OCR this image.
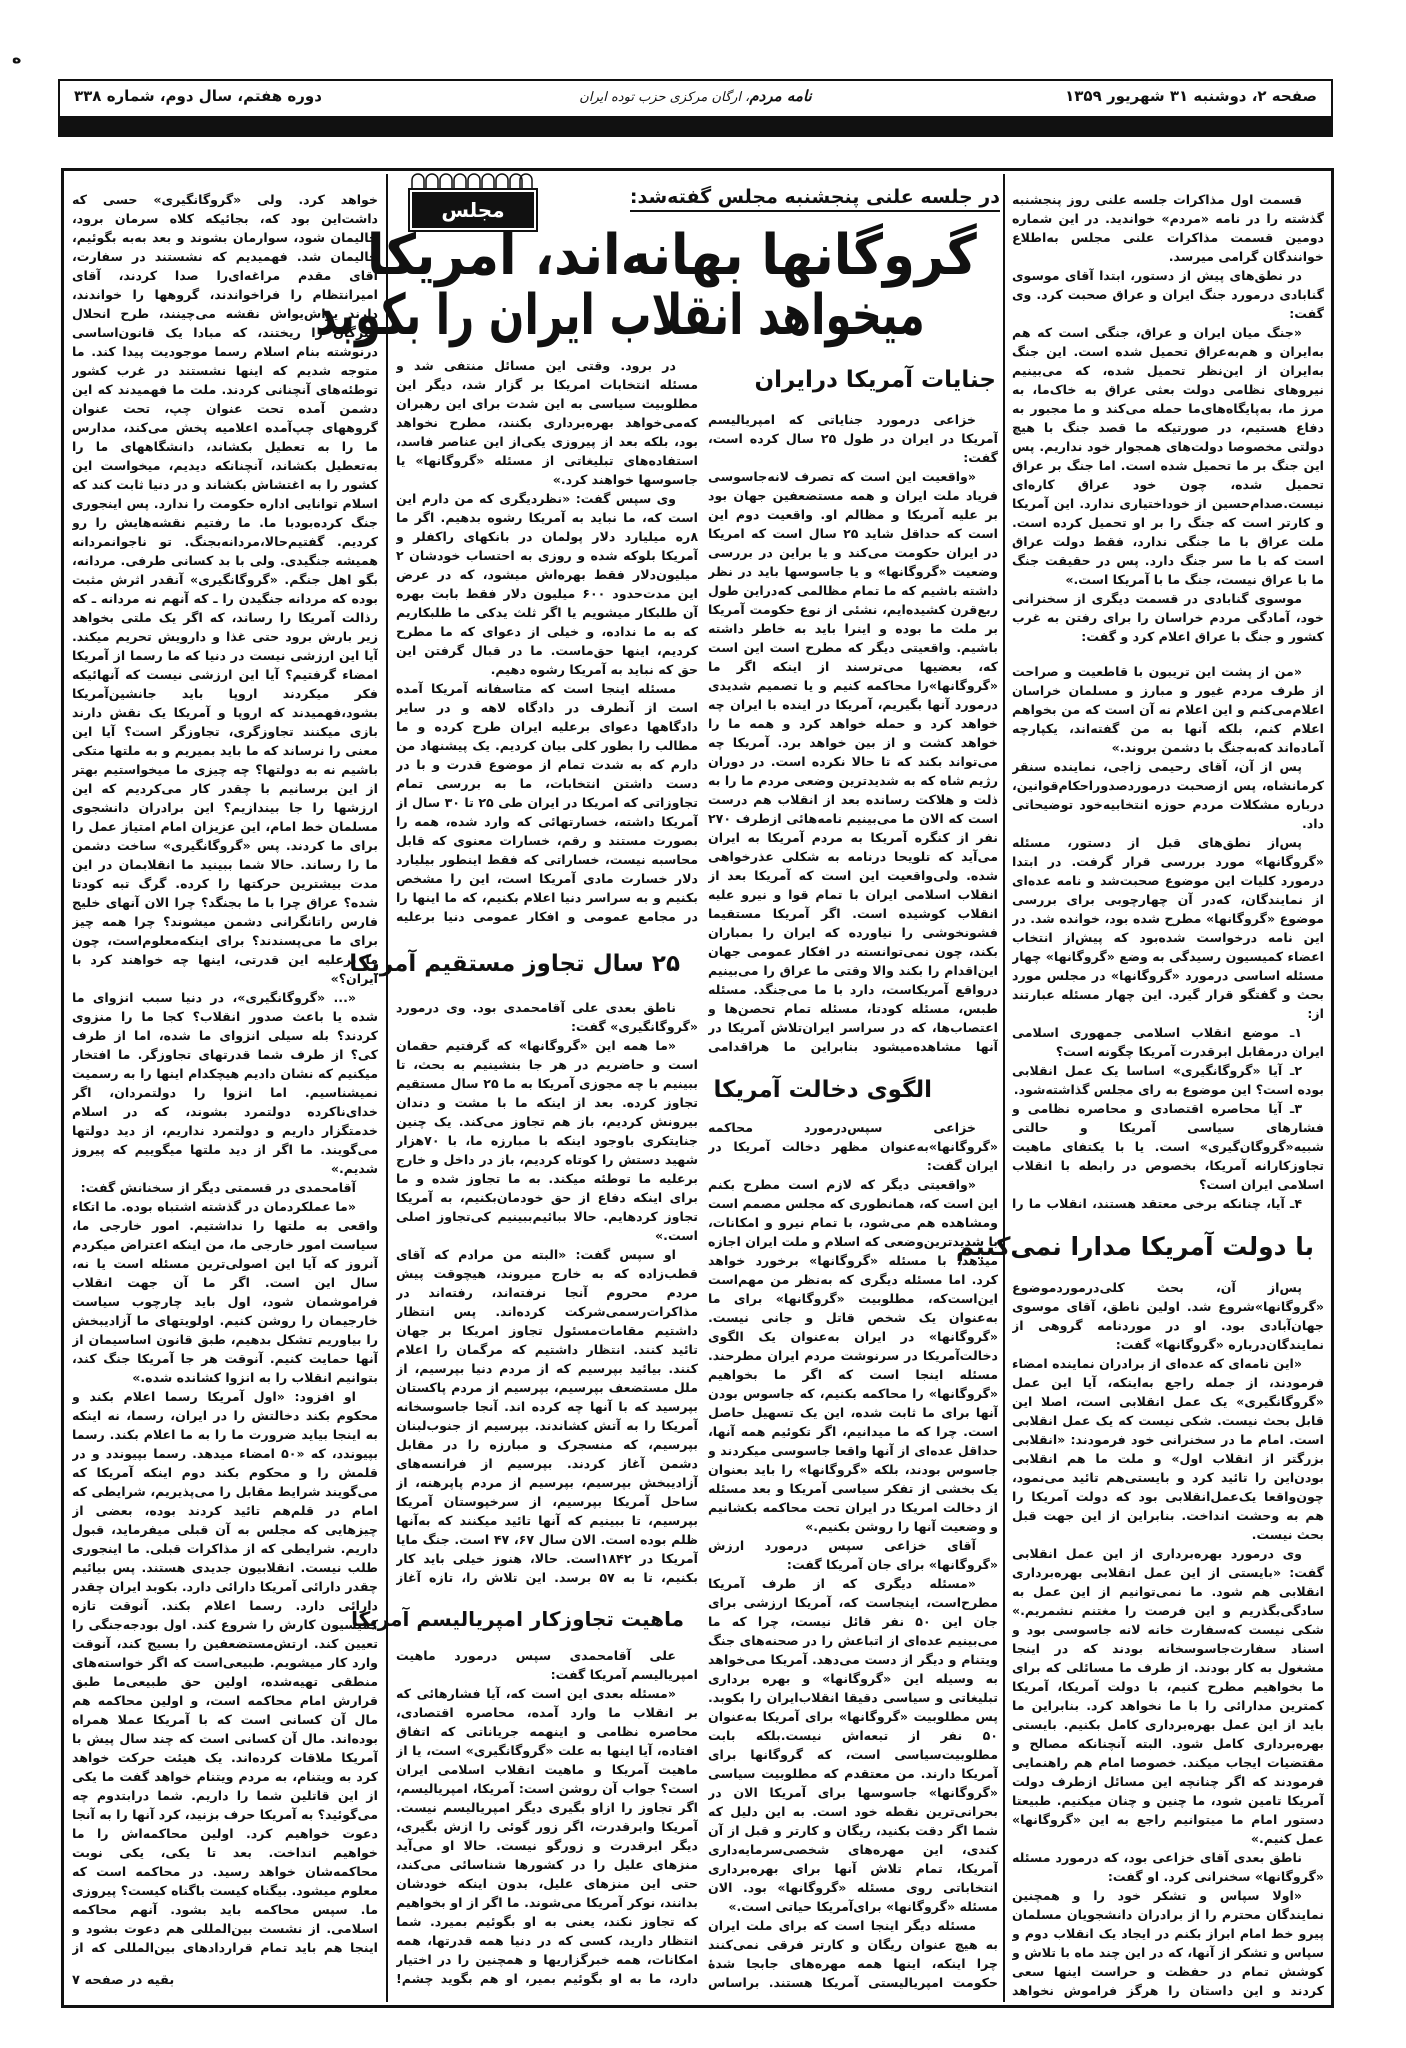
ه
صفحه ۲، دوشنبه ۳۱ شهریور ۱۳۵۹
نامه مردم، ارگان مرکزی حزب توده ایران
دوره هفتم، سال دوم، شماره ۳۳۸
در جلسه علنی پنجشنبه مجلس گفته‌شد:
مجلس
گروگانها بهانه‌اند، امریکا
میخواهد انقلاب ایران را بکوبد

قسمت اول مذاکرات جلسه علنی روز پنجشنبه گذشته را در نامه «مردم» خواندید. در این شماره دومین قسمت مذاکرات علنی مجلس به‌اطلاع خوانندگان گرامی میرسد.

در نطق‌های پیش از دستور، ابتدا آقای موسوی گنابادی درمورد جنگ ایران و عراق صحبت کرد. وی گفت:

«جنگ میان ایران و عراق، جنگی است که هم به‌ایران و هم‌به‌عراق تحمیل شده است. این جنگ به‌ایران از این‌نظر تحمیل شده، که می‌بینیم نیروهای نظامی دولت بعثی عراق به خاک‌ما، به مرز ما، به‌پایگاه‌های‌ما حمله می‌کند و ما مجبور به دفاع هستیم، در صورتیکه ما قصد جنگ با هیچ دولتی مخصوصا دولت‌های همجوار خود نداریم. پس این جنگ بر ما تحمیل شده است. اما جنگ بر عراق تحمیل شده، چون خود عراق کاره‌ای نیست.صدام‌حسین از خوداختیاری ندارد. این آمریکا و کارتر است که جنگ را بر او تحمیل کرده است. ملت عراق با ما جنگی ندارد، فقط دولت عراق است که با ما سر جنگ دارد. پس در حقیقت جنگ ما با عراق نیست، جنگ ما با آمریکا است.»

موسوی گنابادی در قسمت دیگری از سخنرانی خود، آمادگی مردم خراسان را برای رفتن به غرب کشور و جنگ با عراق اعلام کرد و گفت:

«من از پشت این تریبون با قاطعیت و صراحت از طرف مردم غیور و مبارز و مسلمان خراسان اعلام‌می‌کنم و این اعلام نه آن است که من بخواهم اعلام کنم، بلکه آنها به من گفته‌اند، یکپارچه آماده‌اند که‌به‌جنگ با دشمن بروند.»

پس از آن، آقای رحیمی زاجی، نماینده سنقر کرمانشاه، پس ازصحبت درموردصدوراحکام‌قوانین، درباره مشکلات مردم حوزه انتخابیه‌خود توضیحاتی داد.

پس‌از نطق‌های قبل از دستور، مسئله «گروگانها» مورد بررسی قرار گرفت. در ابتدا درمورد کلیات این موضوع صحبت‌شد و نامه عده‌ای از نمایندگان، که‌در آن چهارچوبی برای بررسی موضوع «گروگانها» مطرح شده بود، خوانده شد. در این نامه درخواست شده‌بود که پیش‌از انتخاب اعضاء کمیسیون رسیدگی به وضع «گروگانها» چهار مسئله اساسی درمورد «گروگانها» در مجلس مورد بحث و گفتگو قرار گیرد. این چهار مسئله عبارتند از:

۱ـ موضع انقلاب اسلامی جمهوری اسلامی ایران درمقابل ابرقدرت آمریکا چگونه است؟

۲ـ آیا «گروگانگیری» اساسا یک عمل انقلابی بوده است؟ این موضوع به رای مجلس گذاشته‌شود.

۳ـ آیا محاصره اقتصادی و محاصره نظامی و فشارهای سیاسی آمریکا و حالتی شبیه‌«گروگان‌گیری» است. یا با یکتفای ماهیت تجاوزکارانه آمریکا، بخصوص در رابطه با انقلاب اسلامی ایران است؟

۴ـ آیا، چنانکه برخی معتقد هستند، انقلاب ما را

با دولت آمریکا مدارا نمی‌کنیم

پس‌از آن، بحث کلی‌درموردموضوع «گروگانها»شروع شد. اولین ناطق، آقای موسوی جهان‌آبادی بود. او در موردنامه گروهی از نمایندگان‌درباره «گروگانها» گفت:

«این نامه‌ای که عده‌ای از برادران نماینده امضاء فرمودند، از جمله راجع به‌اینکه، آیا این عمل «گروگانگیری» یک عمل انقلابی است، اصلا این قابل بحث نیست. شکی نیست که یک عمل انقلابی است. امام ما در سخنرانی خود فرمودند: «انقلابی بزرگتر از انقلاب اول» و ملت ما هم انقلابی بودن‌این را تائید کرد و بایستی‌هم تائید می‌نمود، چون‌واقعا یک‌عمل‌انقلابی بود که دولت آمریکا را هم به وحشت انداخت. بنابراین از این جهت قبل بحث نیست.

وی درمورد بهره‌برداری از این عمل انقلابی گفت: «بایستی از این عمل انقلابی بهره‌برداری انقلابی هم شود. ما نمی‌توانیم از این عمل به سادگی‌بگذریم و این فرصت را مغتنم نشمریم.» شکی نیست که‌سفارت خانه لانه جاسوسی بود و اسناد سفارت‌جاسوسخانه بودند که در اینجا مشغول به کار بودند. از طرف ما مسائلی که برای ما بخواهیم مطرح کنیم، با دولت آمریکا، آمریکا کمترین مدارائی را با ما نخواهد کرد. بنابراین ما باید از این عمل بهره‌برداری کامل بکنیم. بایستی بهره‌برداری کامل شود. البته آنچنانکه مصالح و مقتضیات ایجاب میکند. خصوصا امام هم راهنمایی فرمودند که اگر چنانچه این مسائل ازطرف دولت آمریکا تامین شود، ما چنین و چنان میکنیم. طبیعتا دستور امام ما میتوانیم راجع به این «گروگانها» عمل کنیم.»

ناطق بعدی آقای خزاعی بود، که درمورد مسئله «گروگانها» سخنرانی کرد. او گفت:

«اولا سپاس و تشکر خود را و همچنین نمایندگان محترم را از برادران دانشجویان مسلمان پیرو خط امام ابراز بکنم در ایجاد یک انقلاب دوم و سپاس و تشکر از آنها، که در این چند ماه با تلاش و کوشش تمام در حفظت و حراست اینها سعی کردند و این داستان را هرگز فراموش نخواهد

جنایات آمریکا درایران

خزاعی درمورد جنایاتی که امپریالیسم آمریکا در ایران در طول ۲۵ سال کرده است، گفت:

«واقعیت این است که تصرف لانه‌جاسوسی فریاد ملت ایران و همه مستضعفین جهان بود بر علیه آمریکا و مظالم او. واقعیت دوم این است که حداقل شاید ۲۵ سال است که امریکا در ایران حکومت می‌کند و یا براین در بررسی وضعیت «گروگانها» و یا جاسوسها باید در نظر داشته باشیم که ما تمام مظالمی که‌دراین طول ربع‌قرن کشیده‌ایم، نشئی از نوع حکومت آمریکا بر ملت ما بوده و اینرا باید به خاطر داشته باشیم. واقعیتی دیگر که مطرح است این است که، بعضیها می‌ترسند از اینکه اگر ما «گروگانها»را محاکمه کنیم و یا تصمیم شدیدی درمورد آنها بگیریم، آمریکا در اینده با ایران چه خواهد کرد و حمله خواهد کرد و همه ما را خواهد کشت و از بین خواهد برد. آمریکا چه می‌تواند بکند که تا حالا نکرده است. در دوران رژیم شاه که به شدیدترین وضعی مردم ما را به ذلت و هلاکت رسانده بعد از انقلاب هم درست است که الان ما می‌بینیم نامه‌هائی ازطرف ۲۷۰ نفر از کنگره آمریکا به مردم آمریکا به ایران می‌آید که تلویحا درنامه به شکلی عذرخواهی شده. ولی‌واقعیت این است که آمریکا بعد از انقلاب اسلامی ایران با تمام قوا و نیرو علیه انقلاب کوشیده است. اگر آمریکا مستقیما فشونخوشی را نیاورده که ایران را بمباران بکند، چون نمی‌توانسته در افکار عمومی جهان این‌اقدام را بکند والا وقتی ما عراق را می‌بینیم درواقع آمریکاست، دارد با ما می‌جنگد. مسئله طبس، مسئله کودتا، مسئله تمام تحصن‌ها و اعتصاب‌ها، که در سراسر ایران‌تلاش آمریکا در آنها مشاهده‌میشود بنابراین ما هراقدامی

الگوی دخالت آمریکا

خزاعی سپس‌درمورد محاکمه «گروگانها»به‌عنوان مظهر دخالت آمریکا در ایران گفت:

«واقعیتی دیگر که لازم است مطرح بکنم این است که، همانطوری که مجلس مصمم است ومشاهده هم می‌شود، با تمام نیرو و امکانات، با شدیدترین‌وضعی که اسلام و ملت ایران اجازه میدهد، با مسئله «گروگانها» برخورد خواهد کرد. اما مسئله دیگری که به‌نظر من مهم‌است این‌است‌که، مطلوبیت «گروگانها» برای ما به‌عنوان یک شخص قاتل و جانی نیست. «گروگانها» در ایران به‌عنوان یک الگوی دخالت‌آمریکا در سرنوشت مردم ایران مطرحند. مسئله اینجا است که اگر ما بخواهیم «گروگانها» را محاکمه بکنیم، که جاسوس بودن آنها برای ما ثابت شده، این یک تسهیل حاصل است. چرا که ما میدانیم، اگر تکوئیم همه آنها، حداقل عده‌ای از آنها واقعا جاسوسی میکردند و جاسوس بودند، بلکه «گروگانها» را باید بعنوان یک بخشی از تفکر سیاسی آمریکا و بعد مسئله از دخالت امریکا در ایران تحت محاکمه بکشانیم و وضعیت آنها را روشن بکنیم.»

آقای خزاعی سپس درمورد ارزش «گروگانها» برای جان آمریکا گفت:

«مسئله دیگری که از طرف آمریکا مطرح‌است، اینجاست که، آمریکا ارزشی برای جان این ۵۰ نفر قائل نیست، چرا که ما می‌بینیم عده‌ای از اتباعش را در صحنه‌های جنگ ویتنام و دیگر از دست می‌دهد. آمریکا می‌خواهد به وسیله این «گروگانها» و بهره برداری تبلیغاتی و سیاسی دقیقا انقلاب‌ایران را بکوبد. پس مطلوبیت «گروگانها» برای آمریکا به‌عنوان ۵۰ نفر از تبعه‌اش نیست.بلکه بابت مطلوبیت‌سیاسی است، که گروگانها برای آمریکا دارند. من معتقدم که مطلوبیت سیاسی «گروگانها» جاسوسها برای آمریکا الان در بحرانی‌ترین نقطه خود است. به این دلیل که شما اگر دقت بکنید، ریگان و کارتر و قبل از آن کندی، این مهره‌های شخصی‌سرمایه‌داری آمریکا، تمام تلاش آنها برای بهره‌برداری انتخاباتی روی مسئله «گروگانها» بود. الان مسئله «گروگانها» برای‌آمریکا حیاتی است.»

مسئله دیگر اینجا است که برای ملت ایران به هیچ عنوان ریگان و کارتر فرقی نمی‌کنند چرا اینکه، اینها همه مهره‌های جابجا شدهٔ حکومت امپریالیستی آمریکا هستند. براساس

در برود. وقتی این مسائل منتفی شد و مسئله انتخابات امریکا بر گزار شد، دیگر این مطلوبیت سیاسی به این شدت برای این رهبران که‌می‌خواهد بهره‌برداری بکنند، مطرح نخواهد بود، بلکه بعد از پیروزی یکی‌از این عناصر فاسد، استفاده‌های تبلیغاتی از مسئله «گروگانها» یا جاسوسها خواهند کرد.»

وی سپس گفت: «نظردیگری که من دارم این است که، ما نباید به آمریکا رشوه بدهیم. اگر ما ۸ره میلیارد دلار پولمان در بانکهای راکفلر و آمریکا بلوکه شده و روزی به احتساب خودشان ۲ میلیون‌دلار فقط بهره‌اش میشود، که در عرض این مدت‌حدود ۶۰۰ میلیون دلار فقط بابت بهره آن طلبکار میشویم یا اگر ثلث یدکی ما طلبکاریم که به ما نداده، و خیلی از دعوای که ما مطرح کردیم، اینها حق‌ماست. ما در قبال گرفتن این حق که نباید به آمریکا رشوه دهیم.

مسئله اینجا است که متاسفانه آمریکا آمده است از آنطرف در دادگاه لاهه و در سایر دادگاهها دعوای برعلیه ایران طرح کرده و ما مطالب را بطور کلی بیان کردیم. یک پیشنهاد من دارم که به شدت تمام از موضوع قدرت و با در دست داشتن انتخابات، ما به بررسی تمام تجاوزاتی که امریکا در ایران طی ۲۵ تا ۳۰ سال از آمریکا داشته، خسارتهائی که وارد شده، همه را بصورت مستند و رقم، خسارات معنوی که قابل محاسبه نیست، خساراتی که فقط اینطور بیلیارد دلار خسارت مادی آمریکا است، این را مشخص بکنیم و به سراسر دنیا اعلام بکنیم، که ما اینها را در مجامع عمومی و افکار عمومی دنیا برعلیه

۲۵ سال تجاوز مستقیم آمریکا

ناطق بعدی علی آقامحمدی بود. وی درمورد «گروگانگیری» گفت:

«ما همه این «گروگانها» که گرفتیم حقمان است و حاضریم در هر جا بنشینیم به بحث، تا ببینیم با چه مجوزی آمریکا به ما ۲۵ سال مستقیم تجاوز کرده. بعد از اینکه ما با مشت و دندان بیرونش کردیم، باز هم تجاوز می‌کند. یک چنین جنایتکری باوجود اینکه با مبارزه ما، با ۷۰هزار شهید دستش را کوتاه کردیم، باز در داخل و خارج برعلیه ما توطئه میکند. به ما تجاوز شده و ما برای اینکه دفاع از حق خودمان‌بکنیم، به آمریکا تجاوز کردهایم. حالا ببائیم‌ببینیم کی‌تجاوز اصلی است.»

او سپس گفت: «البته من مرادم که آقای قطب‌زاده که به خارج میروند، هیچوقت پیش مردم محروم آنجا نرفته‌اند، رفته‌اند در مذاکرات‌رسمی‌شرکت کرده‌اند. پس انتظار داشتیم مقامات‌مسئول تجاوز امریکا بر جهان تائید کنند. انتظار داشتیم که مرگمان را اعلام کنند. بیائید بپرسیم که از مردم دنیا بپرسیم، از ملل مستضعف بپرسیم، بپرسیم از مردم پاکستان بپرسید که با آنها چه کرده اند. آنجا جاسوسخانه آمریکا را به آتش کشاندند. بپرسیم از جنوب‌لبنان بپرسیم، که منسجرک و مبارزه را در مقابل دشمن آغاز کردند. بپرسیم از فرانسه‌های آزادیبخش بپرسیم، بپرسیم از مردم پاپرهنه، از ساحل آمریکا بپرسیم، از سرخپوستان آمریکا بپرسیم، تا ببینیم که آنها تائید میکنند که به‌آنها ظلم بوده است. الان سال ۶۷، ۴۷ است. جنگ مایا آمریکا در ۱۸۴۲است. حالا، هنوز خیلی باید کار بکنیم، تا به ۵۷ برسد. این تلاش را، تازه آغاز

ماهیت تجاوزکار امپریالیسم آمریکا

علی آقامحمدی سپس درمورد ماهیت امپریالیسم آمریکا گفت:

«مسئله بعدی این است که، آیا فشارهائی که بر انقلاب ما وارد آمده، محاصره اقتصادی، محاصره نظامی و اینهمه جریاناتی که اتفاق افتاده، آیا اینها به علت «گروگانگیری» است، یا از ماهیت آمریکا و ماهیت انقلاب اسلامی ایران است؟ جواب آن روشن است: آمریکا، امپریالیسم، اگر تجاوز را ازاو بگیری دیگر امپریالیسم نیست. آمریکا وابرقدرت، اگر زور گوئی را ازش بگیری، دیگر ابرقدرت و زورگو نیست. حالا او می‌آید منزهای علیل را در کشورها شناسائی می‌کند، حتی این منزهای علیل، بدون اینکه خودشان بدانند، نوکر آمریکا می‌شوند. ما اگر از او بخواهیم که تجاوز نکند، یعنی به او بگوئیم بمیرد. شما انتظار دارید، کسی که در دنیا همه قدرتها، همه امکانات، همه خبرگزاریها و همچنین را در اختیار دارد، ما به او بگوئیم بمیر، او هم بگوید چشم!

خواهد کرد. ولی «گروگانگیری» حسی که داشت‌این بود که، بجائیکه کلاه سرمان برود، حالیمان شود، سوارمان بشوند و بعد به‌به بگوئیم، حالیمان شد. فهمیدیم که نشستند در سفارت، آقای مقدم مراغه‌ای‌را صدا کردند، آقای امیرانتظام را فراخواندند، گروهها را خواندند، دارند یواش‌یواش نقشه می‌چینند، طرح انحلال خبرگان را ریختند، که مبادا یک قانون‌اساسی درنوشته بنام اسلام رسما موجودیت پیدا کند. ما متوجه شدیم که اینها نشستند در غرب کشور توطئه‌های آنچنانی کردند. ملت ما فهمیدند که این دشمن آمده تحت عنوان چپ، تحت عنوان گروههای چپ‌آمده اعلامیه پخش می‌کند، مدارس ما را به تعطیل بکشاند، دانشگاههای ما را به‌تعطیل بکشاند، آنچنانکه دیدیم، میخواست این کشور را به اغتشاش بکشاند و در دنیا ثابت کند که اسلام توانایی اداره حکومت را ندارد. پس اینجوری جنگ کرده‌بودبا ما. ما رفتیم نقشه‌هایش را رو کردیم. گفتیم‌حالا،مردانه‌بجنگ. تو ناجوانمردانه همیشه جنگیدی. ولی با بد کسانی طرفی. مردانه، بگو اهل جنگم. «گروگانگیری» آنقدر اثرش مثبت بوده که مردانه جنگیدن را ـ که آنهم نه مردانه ـ که رذالت آمریکا را رساند، که اگر یک ملتی بخواهد زیر بارش برود حتی غذا و دارویش تحریم میکند. آیا این ارزشی نیست در دنیا که ما رسما از آمریکا امضاء گرفتیم؟ آیا این ارزشی نیست که آنهائیکه فکر میکردند اروپا باید جانشین‌آمریکا بشود،فهمیدند که اروپا و آمریکا یک نقش دارند بازی میکنند تجاوزگری، تجاوزگر است؟ آیا این معنی را نرساند که ما باید بمیریم و به ملتها متکی باشیم نه به دولتها؟ چه چیزی ما میخواستیم بهتر از این برسانیم با چقدر کار می‌کردیم که این ارزشها را جا بیندازیم؟ این برادران دانشجوی مسلمان خط امام، این عزیزان امام امتیاز عمل را برای ما کردند. پس «گروگانگیری» ساخت دشمن ما را رساند. حالا شما ببینید ما انقلابمان در این مدت بیشترین حرکتها را کرده. گرگ تبه کودتا شده؟ عراق چرا با ما بجنگد؟ چرا الان آنهای خلیج فارس را‌تانگرانی دشمن میشوند؟ چرا همه چیز برای ما می‌پسندند؟ برای اینکه‌معلوم‌است، چون ما برعلیه این قدرتی، اینها چه خواهند کرد با ایران؟»

«... «گروگانگیری»، در دنیا سبب انزوای ما شده یا باعث صدور انقلاب؟ کجا ما را منزوی کردند؟ بله سیلی انزوای ما شده، اما از طرف کی؟ از طرف شما قدرتهای تجاوزگر. ما افتخار میکنیم که نشان دادیم هیچکدام اینها را به رسمیت نمیشناسیم. اما انزوا را دولتمردان، اگر خدای‌ناکرده دولتمرد بشوند، که در اسلام خدمتگزار داریم و دولتمرد نداریم، از دید دولتها می‌گویند. ما اگر از دید ملتها میگوییم که پیروز شدیم.»

آقامحمدی در قسمتی دیگر از سخنانش گفت:

«ما عملکردمان در گذشته اشتباه بوده. ما اتکاء واقعی به ملتها را نداشتیم. امور خارجی ما، سیاست امور خارجی ما، من اینکه اعتراض میکردم آنروز که آیا این اصولی‌ترین مسئله است یا نه، سال این است. اگر ما آن جهت انقلاب فراموشمان شود، اول باید چارچوب سیاست خارجیمان را روشن کنیم. اولویتهای ما آزادیبخش را بیاوریم تشکل بدهیم، طبق قانون اساسیمان از آنها حمایت کنیم. آنوقت هر جا آمریکا جنگ کند، بتوانیم انقلاب را به انزوا کشانده شده.»

او افزود: «اول آمریکا رسما اعلام بکند و محکوم بکند دخالتش را در ایران، رسما، نه اینکه به اینجا بیاید ضرورت ما را به ما اعلام بکند. رسما بپیوندد، که «۵۰ امضاء میدهد. رسما بپیوندد و در قلمش را و محکوم بکند دوم اینکه آمریکا که می‌گویند شرایط مقابل را می‌پذیریم، شرایطی که امام در قلم‌هم تائید کردند بوده، بعضی از چیزهایی که مجلس به آن قبلی میفرماید، قبول داریم. شرایطی که از مذاکرات قبلی. ما اینجوری طلب نیست. انقلابیون جدیدی هستند. پس بیائیم چقدر دارائی آمریکا دارائی دارد. بکوبد ایران چقدر دارائی دارد. رسما اعلام بکند. آنوقت تازه کمیسیون کارش را شروع کند. اول بودجه‌جنگی را تعیین کند. ارتش‌مستضعفین را بسیج کند، آنوقت وارد کار میشویم. طبیعی‌است که اگر خواسته‌های منطقی تهیه‌شده، اولین حق طبیعی‌ما طبق قرارش امام محاکمه است، و اولین محاکمه هم مال آن کسانی است که با آمریکا عملا همراه بوده‌اند. مال آن کسانی است که چند سال پیش با آمریکا ملاقات کرده‌اند. یک هیئت حرکت خواهد کرد به ویتنام، به مردم ویتنام خواهد گفت ما یکی از این قاتلین شما را داریم. شما درابتدوم چه می‌گوئید؟ به آمریکا حرف بزنید، کرد آنها را به آنجا دعوت خواهیم کرد. اولین محاکمه‌اش را ما خواهیم انداخت. بعد تا یکی، یکی نوبت محاکمه‌شان خواهد رسید. در محاکمه است که معلوم میشود. بیگناه کیست باگناه کیست؟ پیروزی ما. سپس محاکمه باید بشود. آنهم محاکمه اسلامی. از نشست بین‌المللی هم دعوت بشود و اینجا هم باید تمام قراردادهای بین‌المللی که از

بقیه در صفحه ۷
